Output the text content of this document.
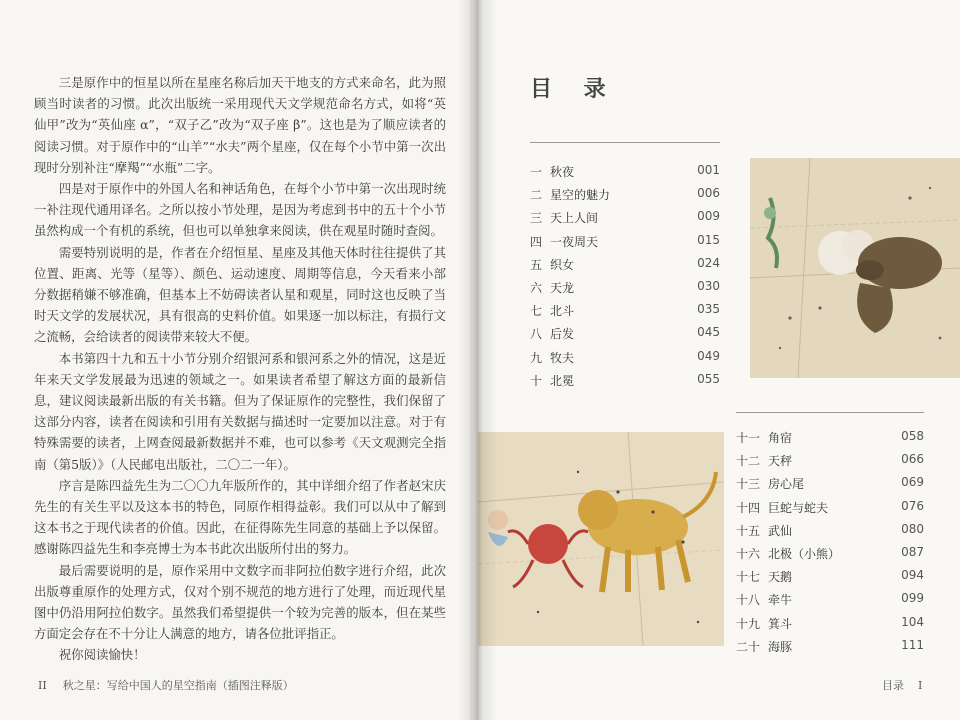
三是原作中的恒星以所在星座名称后加天干地支的方式来命名，此为照顾当时读者的习惯。此次出版统一采用现代天文学规范命名方式，如将“英仙甲”改为“英仙座 α”，“双子乙”改为“双子座 β”。这也是为了顺应读者的阅读习惯。对于原作中的“山羊”“水夫”两个星座，仅在每个小节中第一次出现时分别补注“摩羯”“水瓶”二字。

四是对于原作中的外国人名和神话角色，在每个小节中第一次出现时统一补注现代通用译名。之所以按小节处理，是因为考虑到书中的五十个小节虽然构成一个有机的系统，但也可以单独拿来阅读，供在观星时随时查阅。

需要特别说明的是，作者在介绍恒星、星座及其他天体时往往提供了其位置、距离、光等（星等）、颜色、运动速度、周期等信息，今天看来小部分数据稍嫌不够准确，但基本上不妨碍读者认星和观星，同时这也反映了当时天文学的发展状况，具有很高的史料价值。如果逐一加以标注，有损行文之流畅，会给读者的阅读带来较大不便。

本书第四十九和五十小节分别介绍银河系和银河系之外的情况，这是近年来天文学发展最为迅速的领域之一。如果读者希望了解这方面的最新信息，建议阅读最新出版的有关书籍。但为了保证原作的完整性，我们保留了这部分内容，读者在阅读和引用有关数据与描述时一定要加以注意。对于有特殊需要的读者，上网查阅最新数据并不难，也可以参考《天文观测完全指南（第5版）》（人民邮电出版社，二〇二一年）。

序言是陈四益先生为二〇〇九年版所作的，其中详细介绍了作者赵宋庆先生的有关生平以及这本书的特色，同原作相得益彰。我们可以从中了解到这本书之于现代读者的价值。因此，在征得陈先生同意的基础上予以保留。感谢陈四益先生和李亮博士为本书此次出版所付出的努力。

最后需要说明的是，原作采用中文数字而非阿拉伯数字进行介绍，此次出版尊重原作的处理方式，仅对个别不规范的地方进行了处理，而近现代星图中仍沿用阿拉伯数字。虽然我们希望提供一个较为完善的版本，但在某些方面定会存在不十分让人满意的地方，请各位批评指正。

祝你阅读愉快！

II 秋之星：写给中国人的星空指南（插图注释版）
目 录
一 秋夜	001
二 星空的魅力	006
三 天上人间	009
四 一夜周天	015
五 织女	024
六 天龙	030
七 北斗	035
八 后发	045
九 牧夫	049
十 北冕	055
十一 角宿	058
十二 天秤	066
十三 房心尾	069
十四 巨蛇与蛇夫	076
十五 武仙	080
十六 北极（小熊）	087
十七 天鹅	094
十八 牵牛	099
十九 箕斗	104
二十 海豚	111
目录 I
